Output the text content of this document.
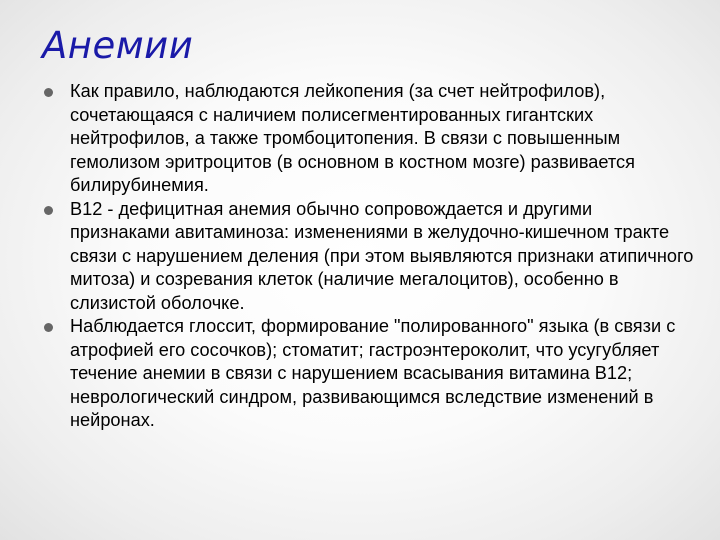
Анемии
Как правило, наблюдаются лейкопения (за счет нейтрофилов), сочетающаяся с наличием полисегментированных гигантских нейтрофилов, а также тромбоцитопения. В связи с повышенным гемолизом эритроцитов (в основном в костном мозге) развивается билирубинемия.
В12 - дефицитная анемия обычно сопровождается и другими признаками авитаминоза: изменениями в желудочно-кишечном тракте связи с нарушением деления (при этом выявляются признаки атипичного митоза) и созревания клеток (наличие мегалоцитов), особенно в слизистой оболочке.
Наблюдается глоссит, формирование "полированного" языка (в связи с атрофией его сосочков); стоматит; гастроэнтероколит, что усугубляет течение анемии в связи с нарушением всасывания витамина В12; неврологический синдром, развивающимся вследствие изменений в нейронах.
